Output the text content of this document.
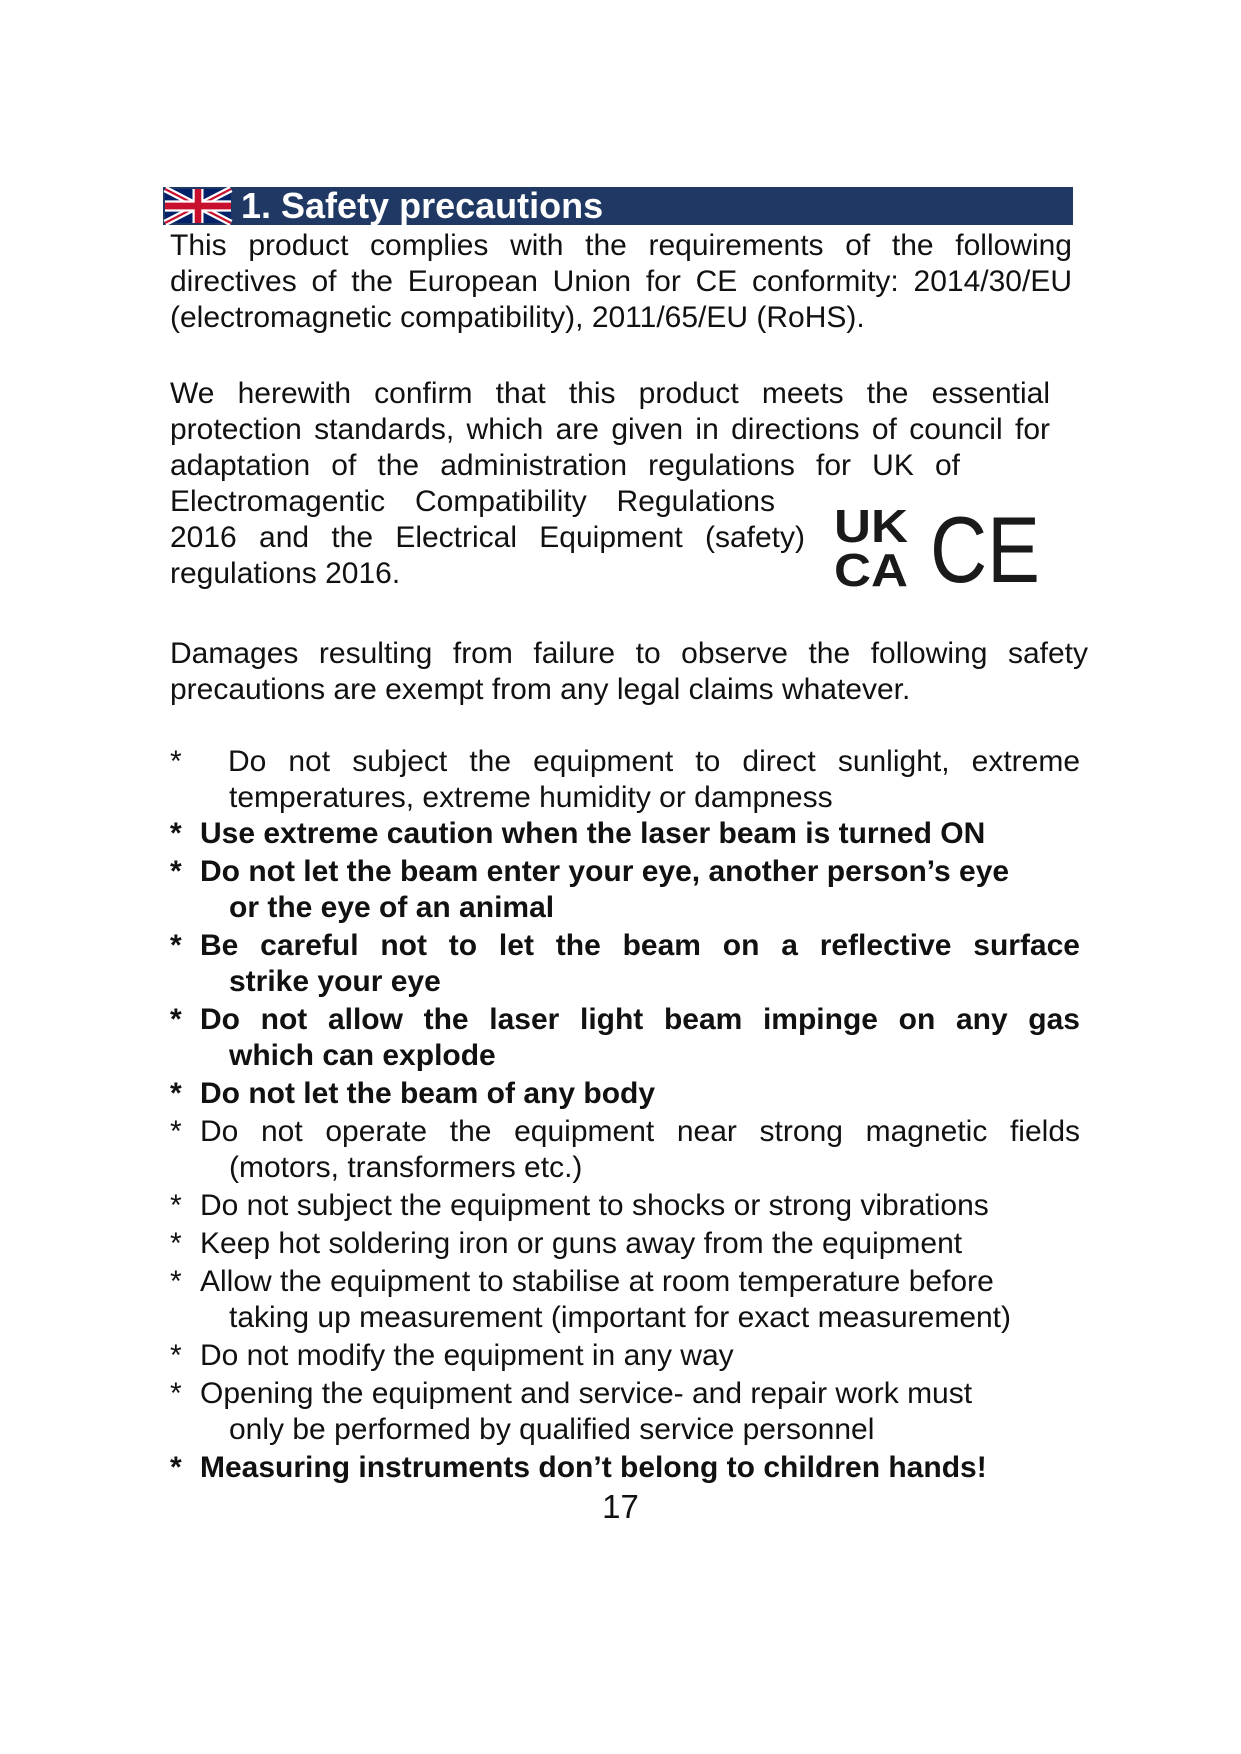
1. Safety precautions

This product complies with the requirements of the following
directives of the European Union for CE conformity: 2014/30/EU
(electromagnetic compatibility), 2011/65/EU (RoHS).

We herewith confirm that this product meets the essential
protection standards, which are given in directions of council for
adaptation of the administration regulations for UK of
Electromagentic Compatibility Regulations
2016 and the Electrical Equipment (safety)
regulations 2016.

UK
CA CE

Damages resulting from failure to observe the following safety
precautions are exempt from any legal claims whatever.

*	Do not subject the equipment to direct sunlight, extreme
temperatures, extreme humidity or dampness
* Use extreme caution when the laser beam is turned ON
* Do not let the beam enter your eye, another person’s eye
or the eye of an animal
* Be careful not to let the beam on a reflective surface
strike your eye
* Do not allow the laser light beam impinge on any gas
which can explode
* Do not let the beam of any body
* Do not operate the equipment near strong magnetic fields
(motors, transformers etc.)
* Do not subject the equipment to shocks or strong vibrations
* Keep hot soldering iron or guns away from the equipment
* Allow the equipment to stabilise at room temperature before
taking up measurement (important for exact measurement)
* Do not modify the equipment in any way
* Opening the equipment and service- and repair work must
only be performed by qualified service personnel
* Measuring instruments don’t belong to children hands!
17
